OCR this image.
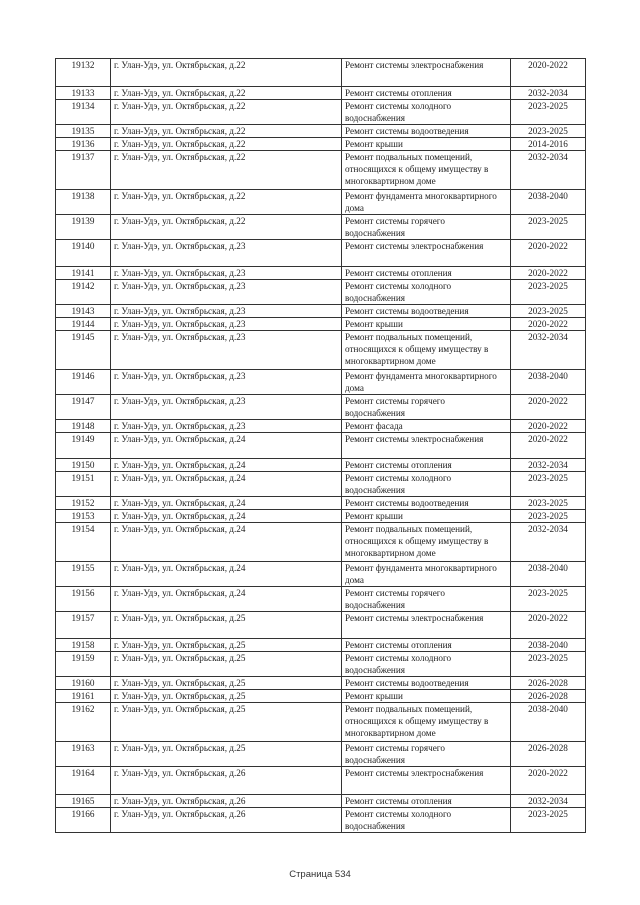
19132	г. Улан-Удэ, ул. Октябрьская, д.22	Ремонт системы электроснабжения	2020-2022
19133	г. Улан-Удэ, ул. Октябрьская, д.22	Ремонт системы отопления	2032-2034
19134	г. Улан-Удэ, ул. Октябрьская, д.22	Ремонт системы холодного водоснабжения	2023-2025
19135	г. Улан-Удэ, ул. Октябрьская, д.22	Ремонт системы водоотведения	2023-2025
19136	г. Улан-Удэ, ул. Октябрьская, д.22	Ремонт крыши	2014-2016
19137	г. Улан-Удэ, ул. Октябрьская, д.22	Ремонт подвальных помещений, относящихся к общему имуществу в многоквартирном доме	2032-2034
19138	г. Улан-Удэ, ул. Октябрьская, д.22	Ремонт фундамента многоквартирного дома	2038-2040
19139	г. Улан-Удэ, ул. Октябрьская, д.22	Ремонт системы горячего водоснабжения	2023-2025
19140	г. Улан-Удэ, ул. Октябрьская, д.23	Ремонт системы электроснабжения	2020-2022
19141	г. Улан-Удэ, ул. Октябрьская, д.23	Ремонт системы отопления	2020-2022
19142	г. Улан-Удэ, ул. Октябрьская, д.23	Ремонт системы холодного водоснабжения	2023-2025
19143	г. Улан-Удэ, ул. Октябрьская, д.23	Ремонт системы водоотведения	2023-2025
19144	г. Улан-Удэ, ул. Октябрьская, д.23	Ремонт крыши	2020-2022
19145	г. Улан-Удэ, ул. Октябрьская, д.23	Ремонт подвальных помещений, относящихся к общему имуществу в многоквартирном доме	2032-2034
19146	г. Улан-Удэ, ул. Октябрьская, д.23	Ремонт фундамента многоквартирного дома	2038-2040
19147	г. Улан-Удэ, ул. Октябрьская, д.23	Ремонт системы горячего водоснабжения	2020-2022
19148	г. Улан-Удэ, ул. Октябрьская, д.23	Ремонт фасада	2020-2022
19149	г. Улан-Удэ, ул. Октябрьская, д.24	Ремонт системы электроснабжения	2020-2022
19150	г. Улан-Удэ, ул. Октябрьская, д.24	Ремонт системы отопления	2032-2034
19151	г. Улан-Удэ, ул. Октябрьская, д.24	Ремонт системы холодного водоснабжения	2023-2025
19152	г. Улан-Удэ, ул. Октябрьская, д.24	Ремонт системы водоотведения	2023-2025
19153	г. Улан-Удэ, ул. Октябрьская, д.24	Ремонт крыши	2023-2025
19154	г. Улан-Удэ, ул. Октябрьская, д.24	Ремонт подвальных помещений, относящихся к общему имуществу в многоквартирном доме	2032-2034
19155	г. Улан-Удэ, ул. Октябрьская, д.24	Ремонт фундамента многоквартирного дома	2038-2040
19156	г. Улан-Удэ, ул. Октябрьская, д.24	Ремонт системы горячего водоснабжения	2023-2025
19157	г. Улан-Удэ, ул. Октябрьская, д.25	Ремонт системы электроснабжения	2020-2022
19158	г. Улан-Удэ, ул. Октябрьская, д.25	Ремонт системы отопления	2038-2040
19159	г. Улан-Удэ, ул. Октябрьская, д.25	Ремонт системы холодного водоснабжения	2023-2025
19160	г. Улан-Удэ, ул. Октябрьская, д.25	Ремонт системы водоотведения	2026-2028
19161	г. Улан-Удэ, ул. Октябрьская, д.25	Ремонт крыши	2026-2028
19162	г. Улан-Удэ, ул. Октябрьская, д.25	Ремонт подвальных помещений, относящихся к общему имуществу в многоквартирном доме	2038-2040
19163	г. Улан-Удэ, ул. Октябрьская, д.25	Ремонт системы горячего водоснабжения	2026-2028
19164	г. Улан-Удэ, ул. Октябрьская, д.26	Ремонт системы электроснабжения	2020-2022
19165	г. Улан-Удэ, ул. Октябрьская, д.26	Ремонт системы отопления	2032-2034
19166	г. Улан-Удэ, ул. Октябрьская, д.26	Ремонт системы холодного водоснабжения	2023-2025
Страница 534
